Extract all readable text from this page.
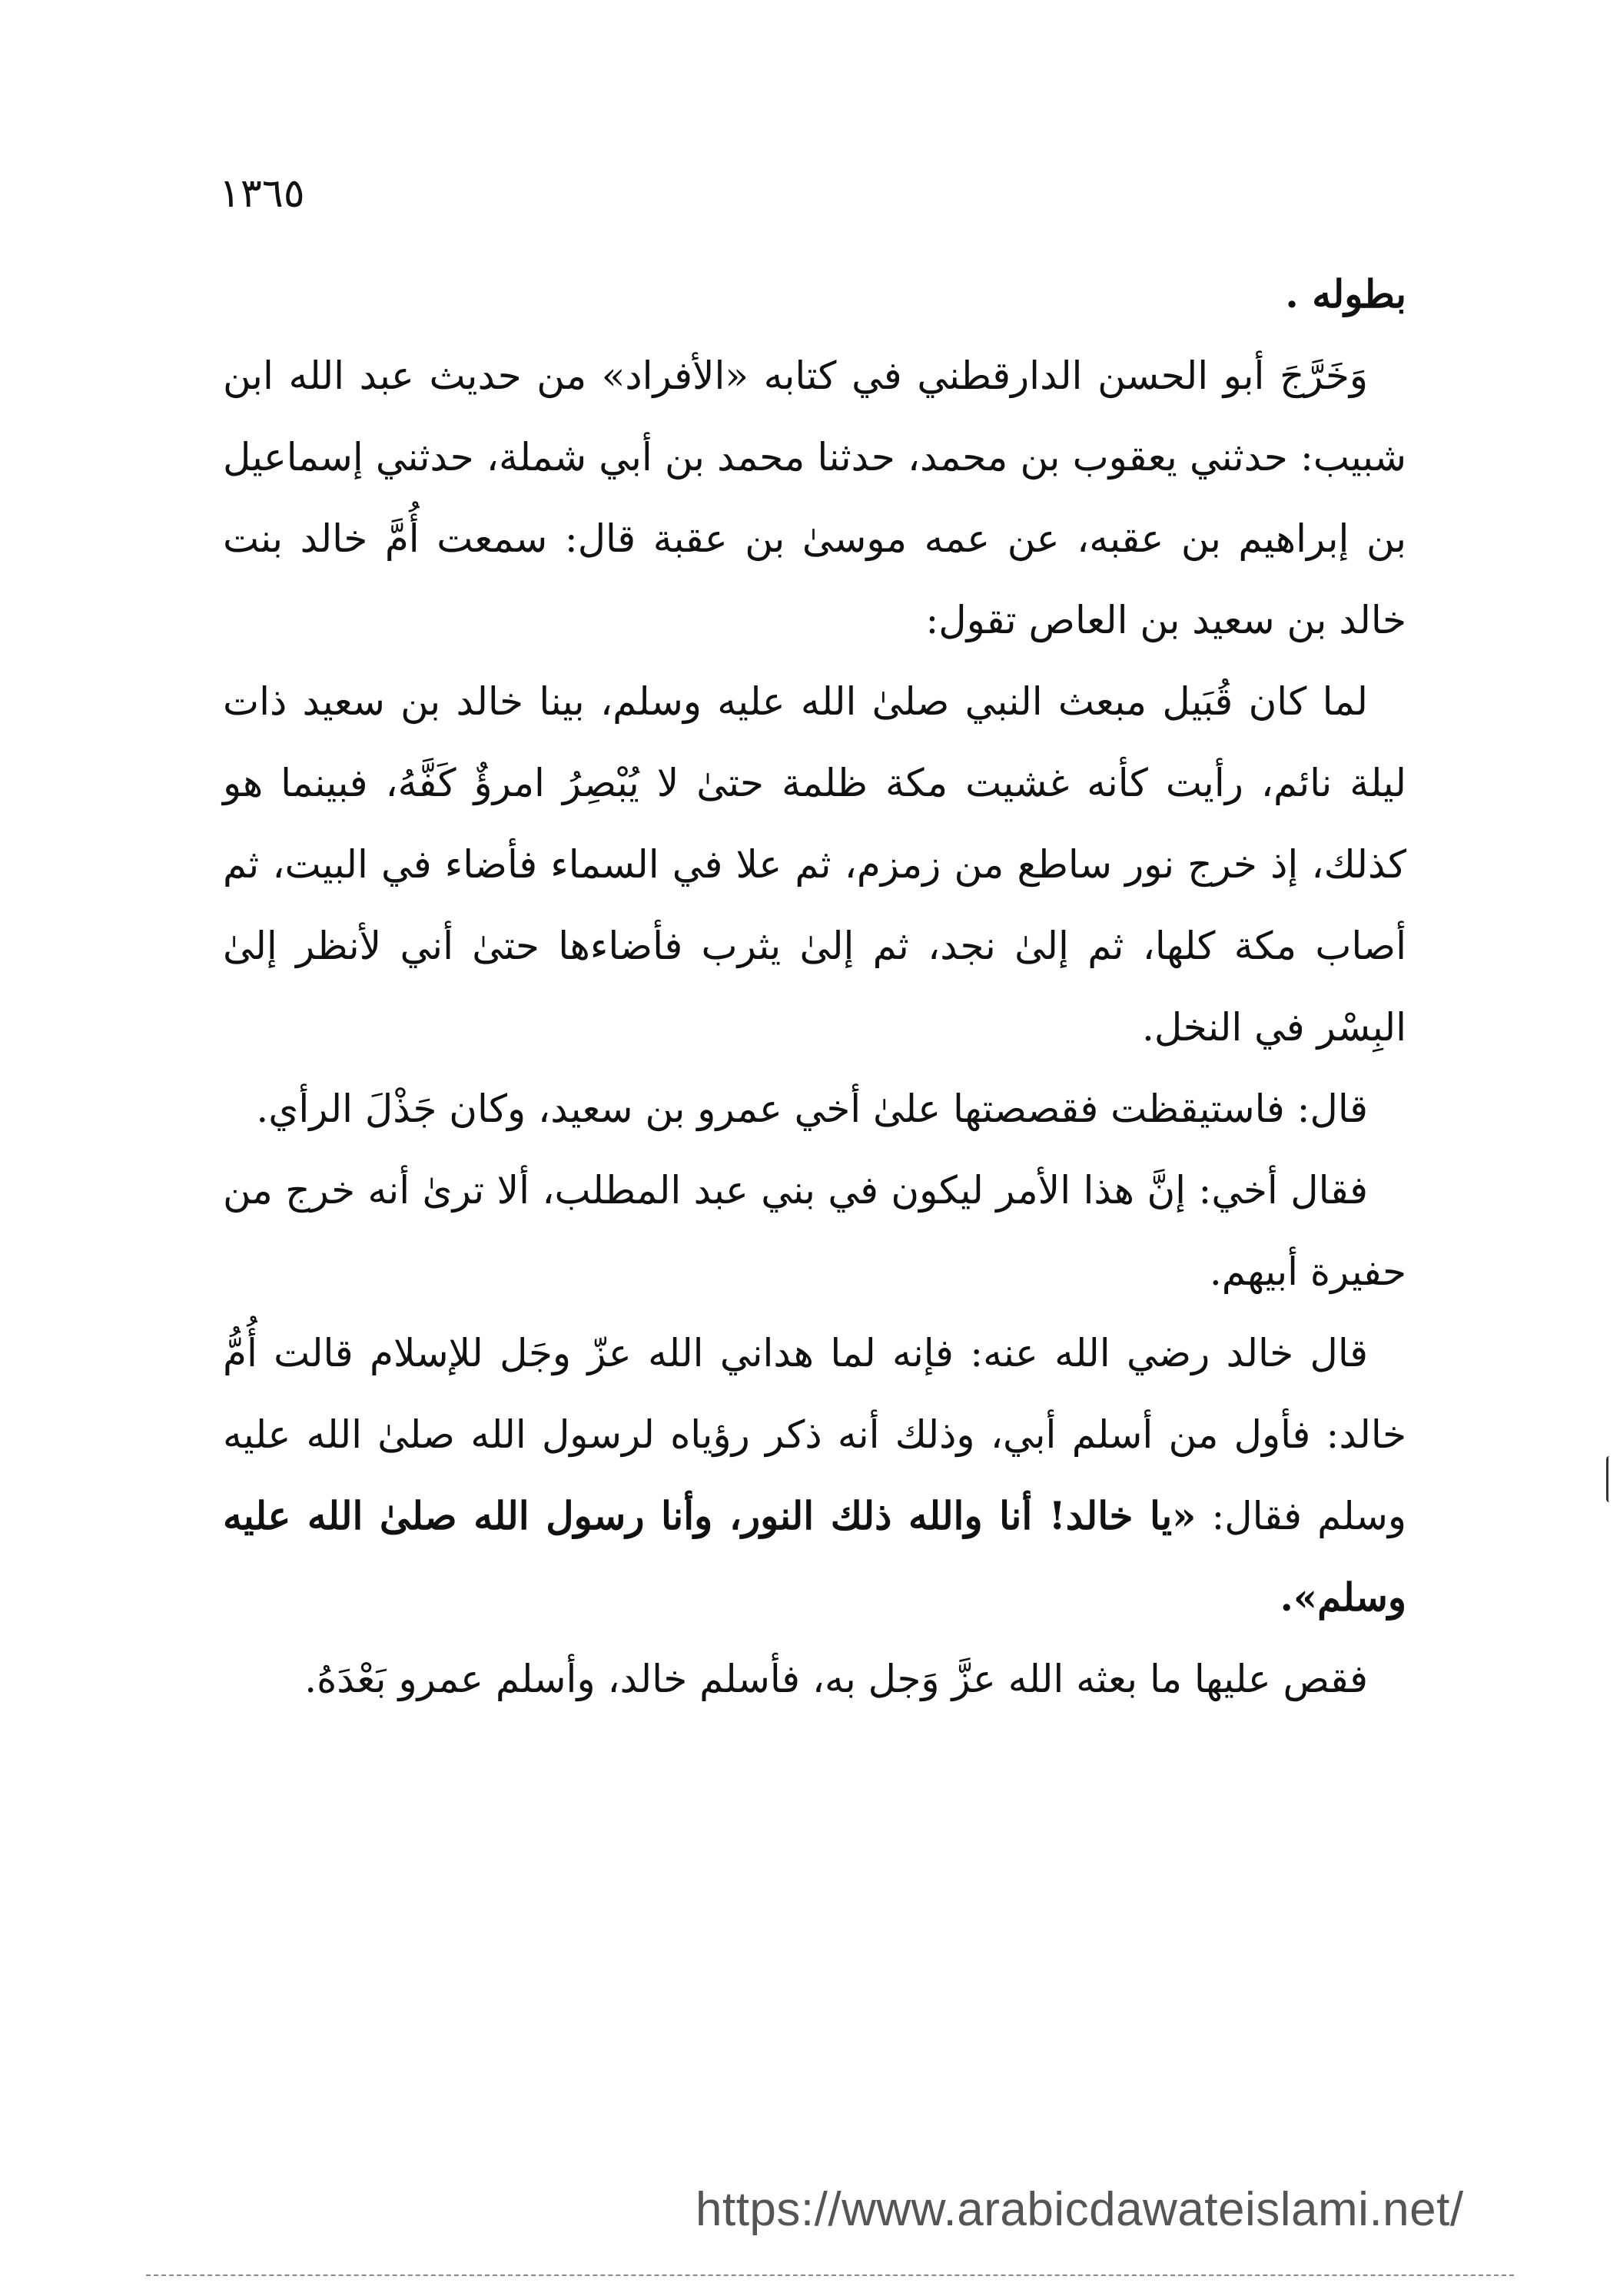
١٣٦٥

بطوله .

وَخَرَّجَ أبو الحسن الدارقطني في كتابه «الأفراد» من حديث عبد الله ابن شبيب: حدثني يعقوب بن محمد، حدثنا محمد بن أبي شملة، حدثني إسماعيل بن إبراهيم بن عقبه، عن عمه موسىٰ بن عقبة قال: سمعت أُمَّ خالد بنت خالد بن سعيد بن العاص تقول:

لما كان قُبَيل مبعث النبي صلىٰ الله عليه وسلم، بينا خالد بن سعيد ذات ليلة نائم، رأيت كأنه غشيت مكة ظلمة حتىٰ لا يُبْصِرُ امرؤٌ كَفَّهُ، فبينما هو كذلك، إذ خرج نور ساطع من زمزم، ثم علا في السماء فأضاء في البيت، ثم أصاب مكة كلها، ثم إلىٰ نجد، ثم إلىٰ يثرب فأضاءها حتىٰ أني لأنظر إلىٰ البِسْر في النخل.

قال: فاستيقظت فقصصتها علىٰ أخي عمرو بن سعيد، وكان جَذْلَ الرأي.

فقال أخي: إنَّ هذا الأمر ليكون في بني عبد المطلب، ألا ترىٰ أنه خرج من حفيرة أبيهم.

قال خالد رضي الله عنه: فإنه لما هداني الله عزّ وجَل للإسلام قالت أُمُّ خالد: فأول من أسلم أبي، وذلك أنه ذكر رؤياه لرسول الله صلىٰ الله عليه وسلم فقال: «يا خالد! أنا والله ذلك النور، وأنا رسول الله صلىٰ الله عليه وسلم».

فقص عليها ما بعثه الله عزَّ وَجل به، فأسلم خالد، وأسلم عمرو بَعْدَهُ.

https://www.arabicdawateislami.net/
